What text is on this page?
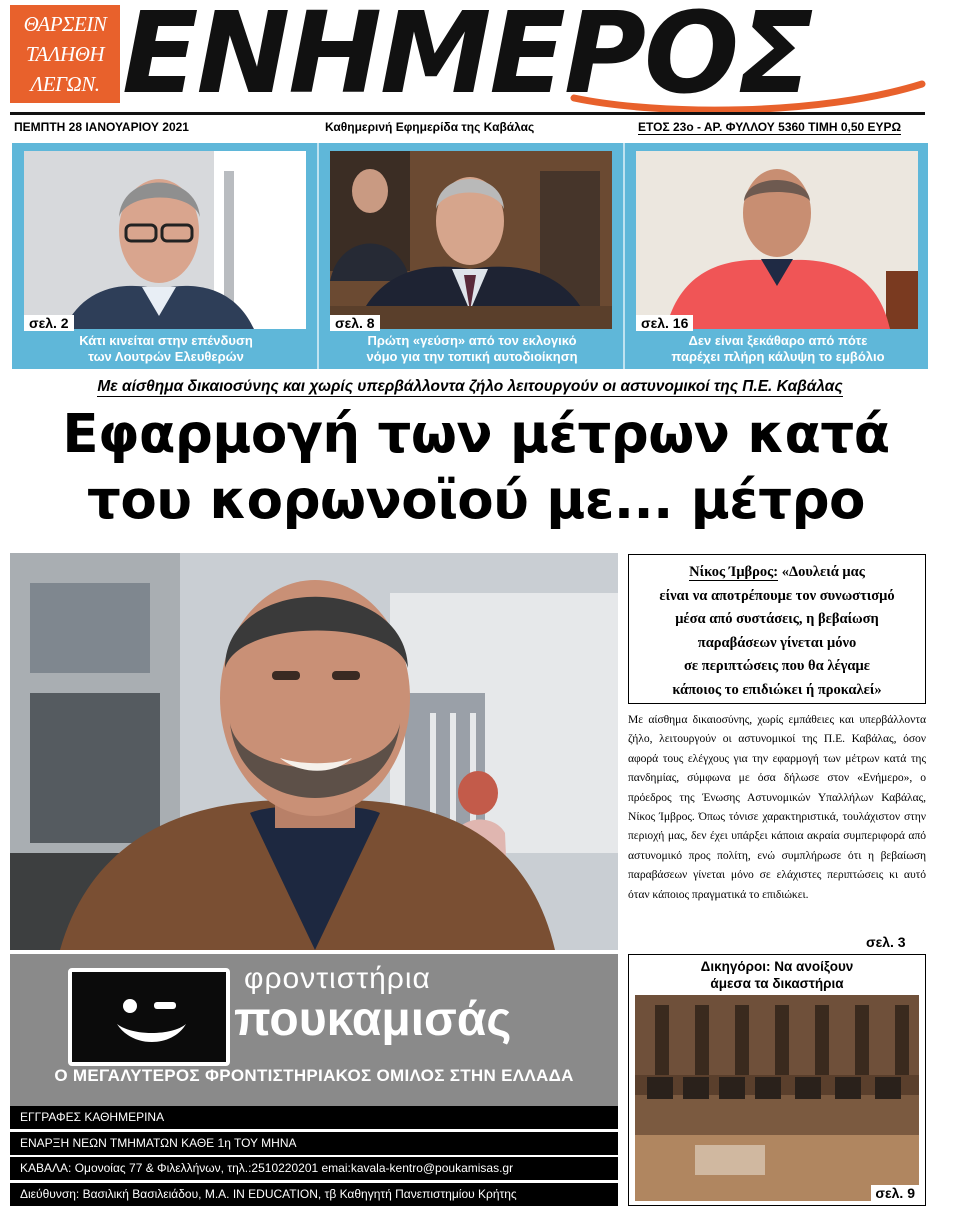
ΘΑΡΣΕΙΝ
ΤΑΛΗΘΗ
ΛΕΓΩΝ. ΕΝΗΜΕΡΟΣ
ΠΕΜΠΤΗ 28 ΙΑΝΟΥΑΡΙΟΥ 2021	Καθημερινή Εφημερίδα της Καβάλας	ΕΤΟΣ 23ο - ΑΡ. ΦΥΛΛΟΥ 5360 ΤΙΜΗ 0,50 ΕΥΡΩ
σελ. 2
Κάτι κινείται στην επένδυση
των Λουτρών Ελευθερών
σελ. 8
Πρώτη «γεύση» από τον εκλογικό
νόμο για την τοπική αυτοδιοίκηση
σελ. 16
Δεν είναι ξεκάθαρο από πότε
παρέχει πλήρη κάλυψη το εμβόλιο
Με αίσθημα δικαιοσύνης και χωρίς υπερβάλλοντα ζήλο λειτουργούν οι αστυνομικοί της Π.Ε. Καβάλας
Εφαρμογή των μέτρων κατά
του κορωνοϊού με... μέτρο
Νίκος Ίμβρος: «Δουλειά μας
είναι να αποτρέπουμε τον συνωστισμό
μέσα από συστάσεις, η βεβαίωση
παραβάσεων γίνεται μόνο
σε περιπτώσεις που θα λέγαμε
κάποιος το επιδιώκει ή προκαλεί»
Με αίσθημα δικαιοσύνης, χωρίς εμπάθειες και υπερβάλλοντα ζήλο, λειτουργούν οι αστυνομικοί της Π.Ε. Καβάλας, όσον αφορά τους ελέγχους για την εφαρμογή των μέτρων κατά της πανδημίας, σύμφωνα με όσα δήλωσε στον «Ενήμερο», ο πρόεδρος της Ένωσης Αστυνομικών Υπαλλήλων Καβάλας, Νίκος Ίμβρος. Όπως τόνισε χαρακτηριστικά, τουλάχιστον στην περιοχή μας, δεν έχει υπάρξει κάποια ακραία συμπεριφορά από αστυνομικό προς πολίτη, ενώ συμπλήρωσε ότι η βεβαίωση παραβάσεων γίνεται μόνο σε ελάχιστες περιπτώσεις κι αυτό όταν κάποιος πραγματικά το επιδιώκει.
σελ. 3
φροντιστήρια
πουκαμισάς
Ο ΜΕΓΑΛΥΤΕΡΟΣ ΦΡΟΝΤΙΣΤΗΡΙΑΚΟΣ ΟΜΙΛΟΣ ΣΤΗΝ ΕΛΛΑΔΑ
ΕΓΓΡΑΦΕΣ ΚΑΘΗΜΕΡΙΝΑ
ΕΝΑΡΞΗ ΝΕΩΝ ΤΜΗΜΑΤΩΝ ΚΑΘΕ 1η ΤΟΥ ΜΗΝΑ
ΚΑΒΑΛΑ: Ομονοίας 77 & Φιλελλήνων, τηλ.:2510220201 emai:kavala-kentro@poukamisas.gr
Διεύθυνση: Βασιλική Βασιλειάδου, M.A. IN EDUCATION, τβ Καθηγητή Πανεπιστημίου Κρήτης
Δικηγόροι: Να ανοίξουν
άμεσα τα δικαστήρια
σελ. 9
